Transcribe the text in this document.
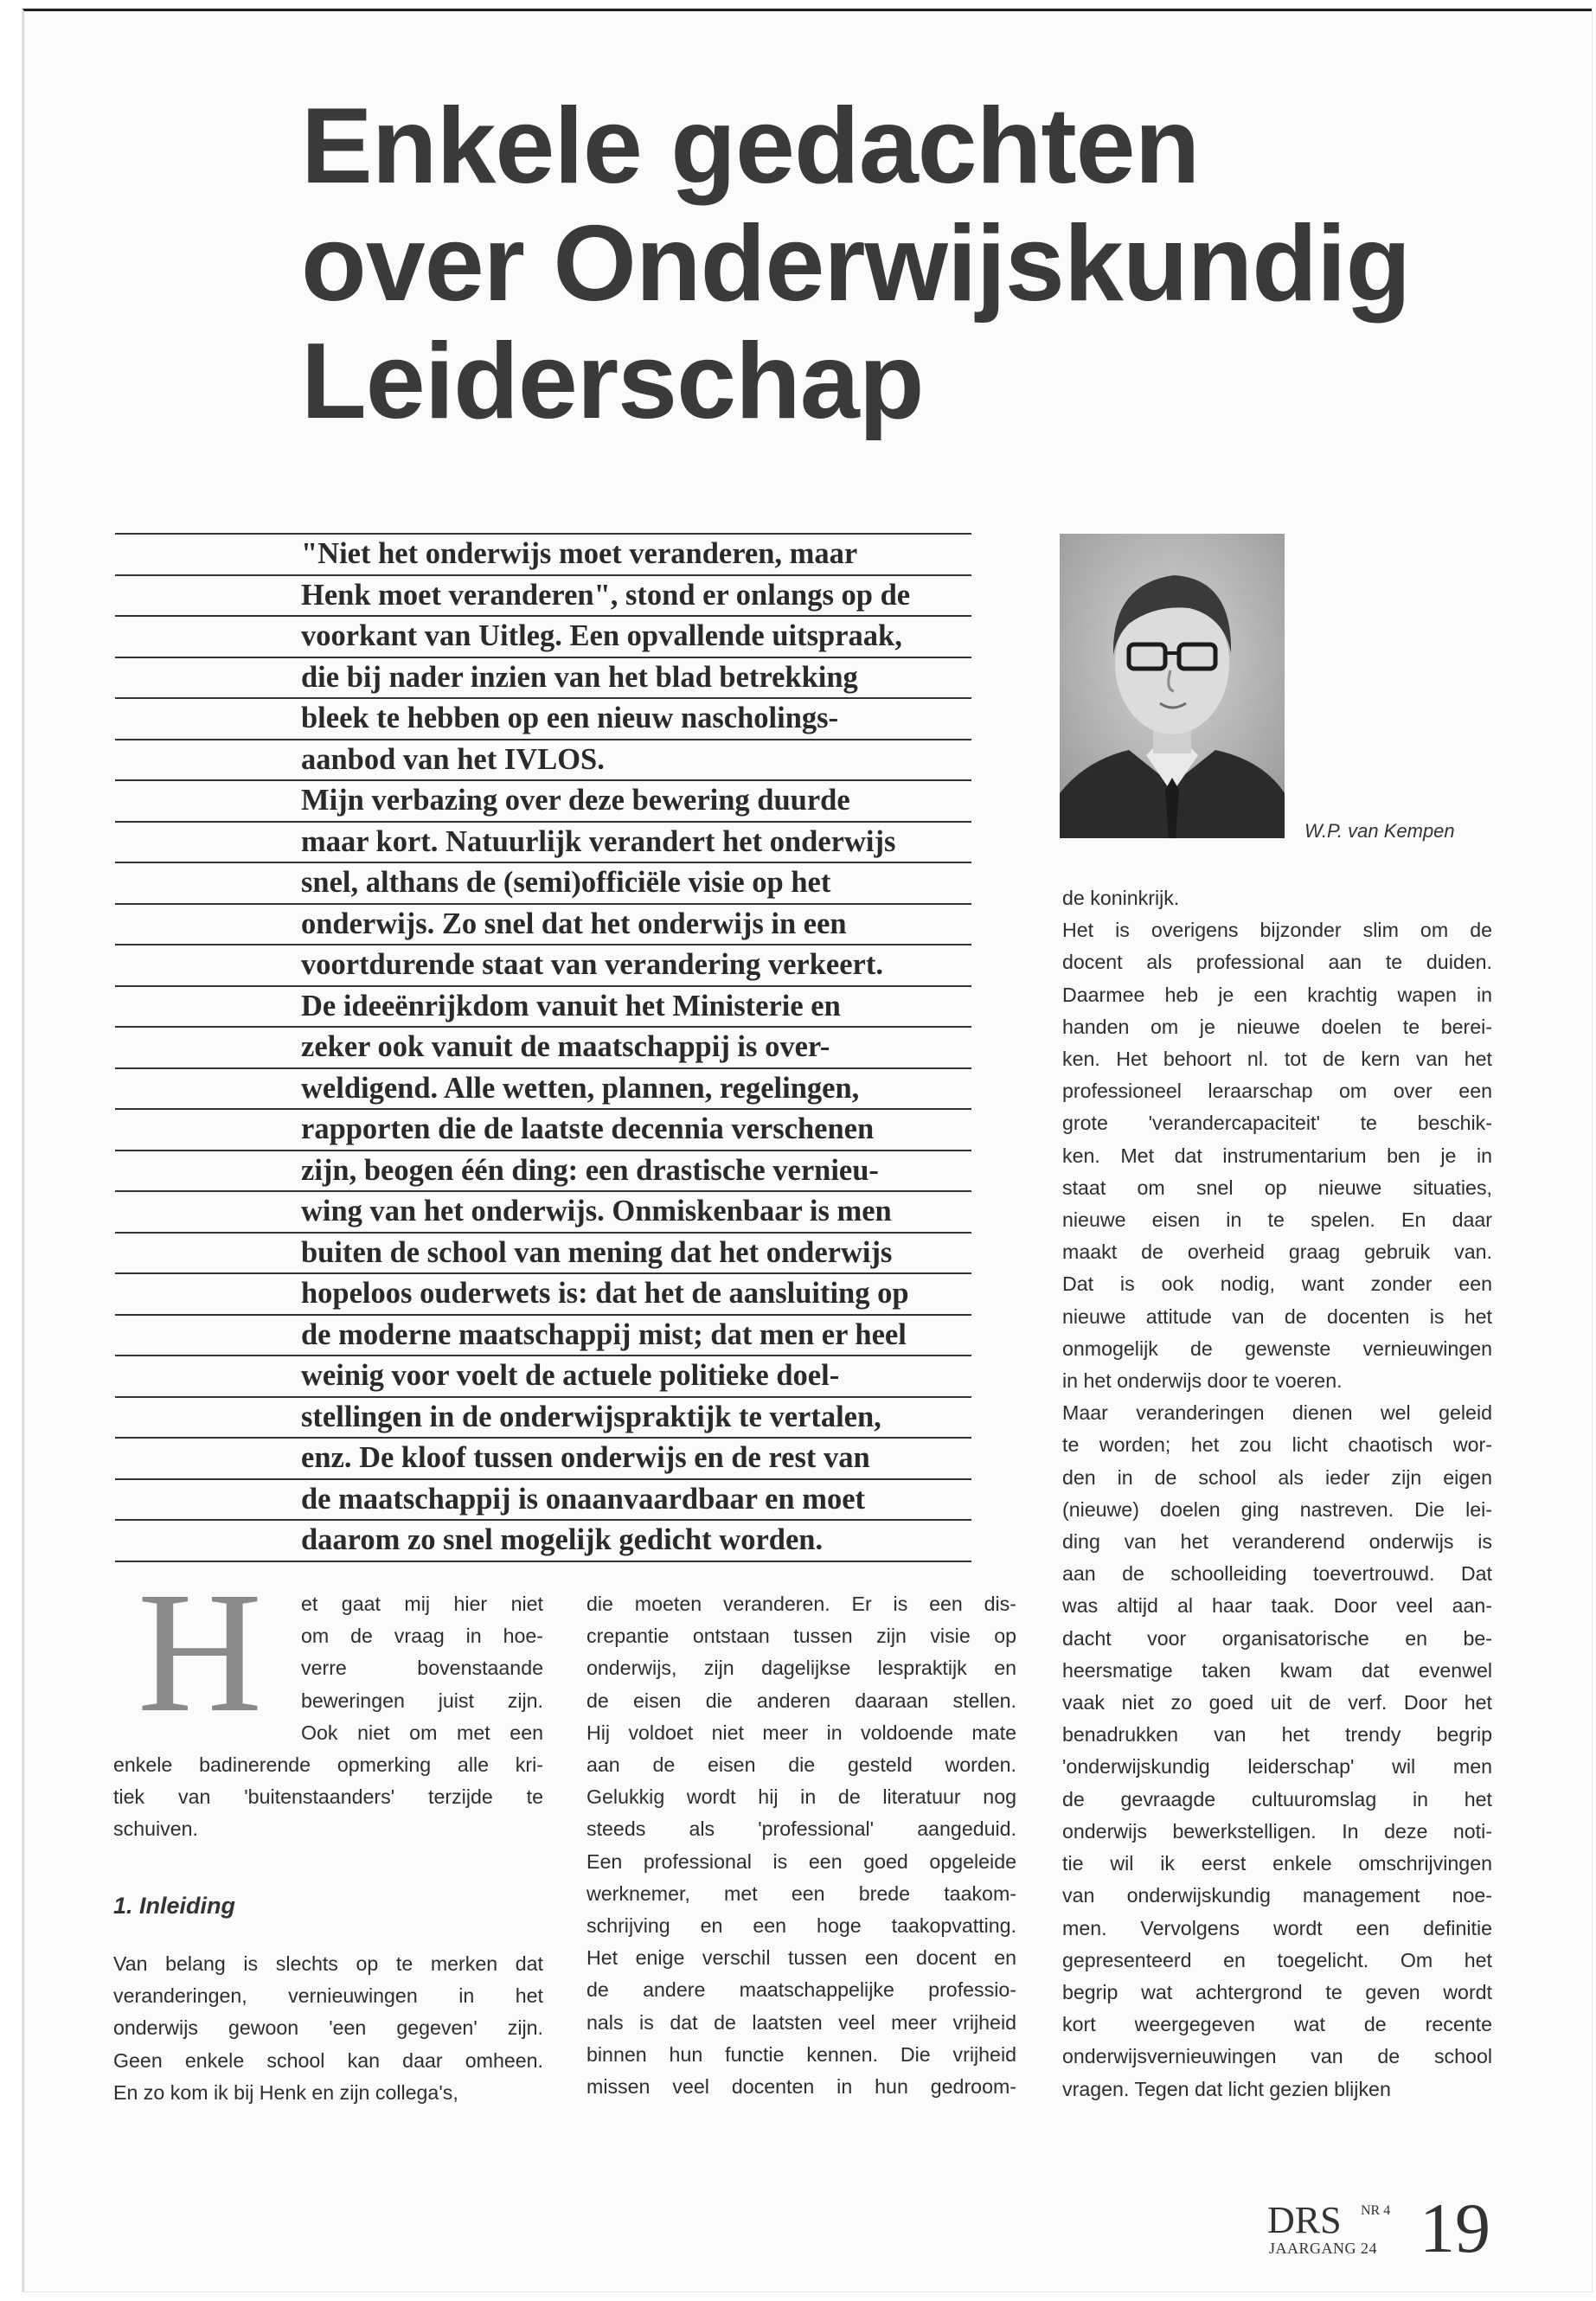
Enkele gedachten
over Onderwijskundig
Leiderschap
"Niet het onderwijs moet veranderen, maar
Henk moet veranderen", stond er onlangs op de
voorkant van Uitleg. Een opvallende uitspraak,
die bij nader inzien van het blad betrekking
bleek te hebben op een nieuw nascholings-
aanbod van het IVLOS.
Mijn verbazing over deze bewering duurde
maar kort. Natuurlijk verandert het onderwijs
snel, althans de (semi)officiële visie op het
onderwijs. Zo snel dat het onderwijs in een
voortdurende staat van verandering verkeert.
De ideeënrijkdom vanuit het Ministerie en
zeker ook vanuit de maatschappij is over-
weldigend. Alle wetten, plannen, regelingen,
rapporten die de laatste decennia verschenen
zijn, beogen één ding: een drastische vernieu-
wing van het onderwijs. Onmiskenbaar is men
buiten de school van mening dat het onderwijs
hopeloos ouderwets is: dat het de aansluiting op
de moderne maatschappij mist; dat men er heel
weinig voor voelt de actuele politieke doel-
stellingen in de onderwijspraktijk te vertalen,
enz. De kloof tussen onderwijs en de rest van
de maatschappij is onaanvaardbaar en moet
daarom zo snel mogelijk gedicht worden.
W.P. van Kempen
H	et gaat mij hier niet
om de vraag in hoe-
verre bovenstaande
beweringen juist zijn.
Ook niet om met een
enkele badinerende opmerking alle kri-
tiek van 'buitenstaanders' terzijde te
schuiven.
1. Inleiding
Van belang is slechts op te merken dat
veranderingen, vernieuwingen in het
onderwijs gewoon 'een gegeven' zijn.
Geen enkele school kan daar omheen.
En zo kom ik bij Henk en zijn collega's,
die moeten veranderen. Er is een dis-
crepantie ontstaan tussen zijn visie op
onderwijs, zijn dagelijkse lespraktijk en
de eisen die anderen daaraan stellen.
Hij voldoet niet meer in voldoende mate
aan de eisen die gesteld worden.
Gelukkig wordt hij in de literatuur nog
steeds als 'professional' aangeduid.
Een professional is een goed opgeleide
werknemer, met een brede taakom-
schrijving en een hoge taakopvatting.
Het enige verschil tussen een docent en
de andere maatschappelijke professio-
nals is dat de laatsten veel meer vrijheid
binnen hun functie kennen. Die vrijheid
missen veel docenten in hun gedroom-
de koninkrijk.
Het is overigens bijzonder slim om de
docent als professional aan te duiden.
Daarmee heb je een krachtig wapen in
handen om je nieuwe doelen te berei-
ken. Het behoort nl. tot de kern van het
professioneel leraarschap om over een
grote 'verandercapaciteit' te beschik-
ken. Met dat instrumentarium ben je in
staat om snel op nieuwe situaties,
nieuwe eisen in te spelen. En daar
maakt de overheid graag gebruik van.
Dat is ook nodig, want zonder een
nieuwe attitude van de docenten is het
onmogelijk de gewenste vernieuwingen
in het onderwijs door te voeren.
Maar veranderingen dienen wel geleid
te worden; het zou licht chaotisch wor-
den in de school als ieder zijn eigen
(nieuwe) doelen ging nastreven. Die lei-
ding van het veranderend onderwijs is
aan de schoolleiding toevertrouwd. Dat
was altijd al haar taak. Door veel aan-
dacht voor organisatorische en be-
heersmatige taken kwam dat evenwel
vaak niet zo goed uit de verf. Door het
benadrukken van het trendy begrip
'onderwijskundig leiderschap' wil men
de gevraagde cultuuromslag in het
onderwijs bewerkstelligen. In deze noti-
tie wil ik eerst enkele omschrijvingen
van onderwijskundig management noe-
men. Vervolgens wordt een definitie
gepresenteerd en toegelicht. Om het
begrip wat achtergrond te geven wordt
kort weergegeven wat de recente
onderwijsvernieuwingen van de school
vragen. Tegen dat licht gezien blijken
DRS NR 4
JAARGANG 24 19
